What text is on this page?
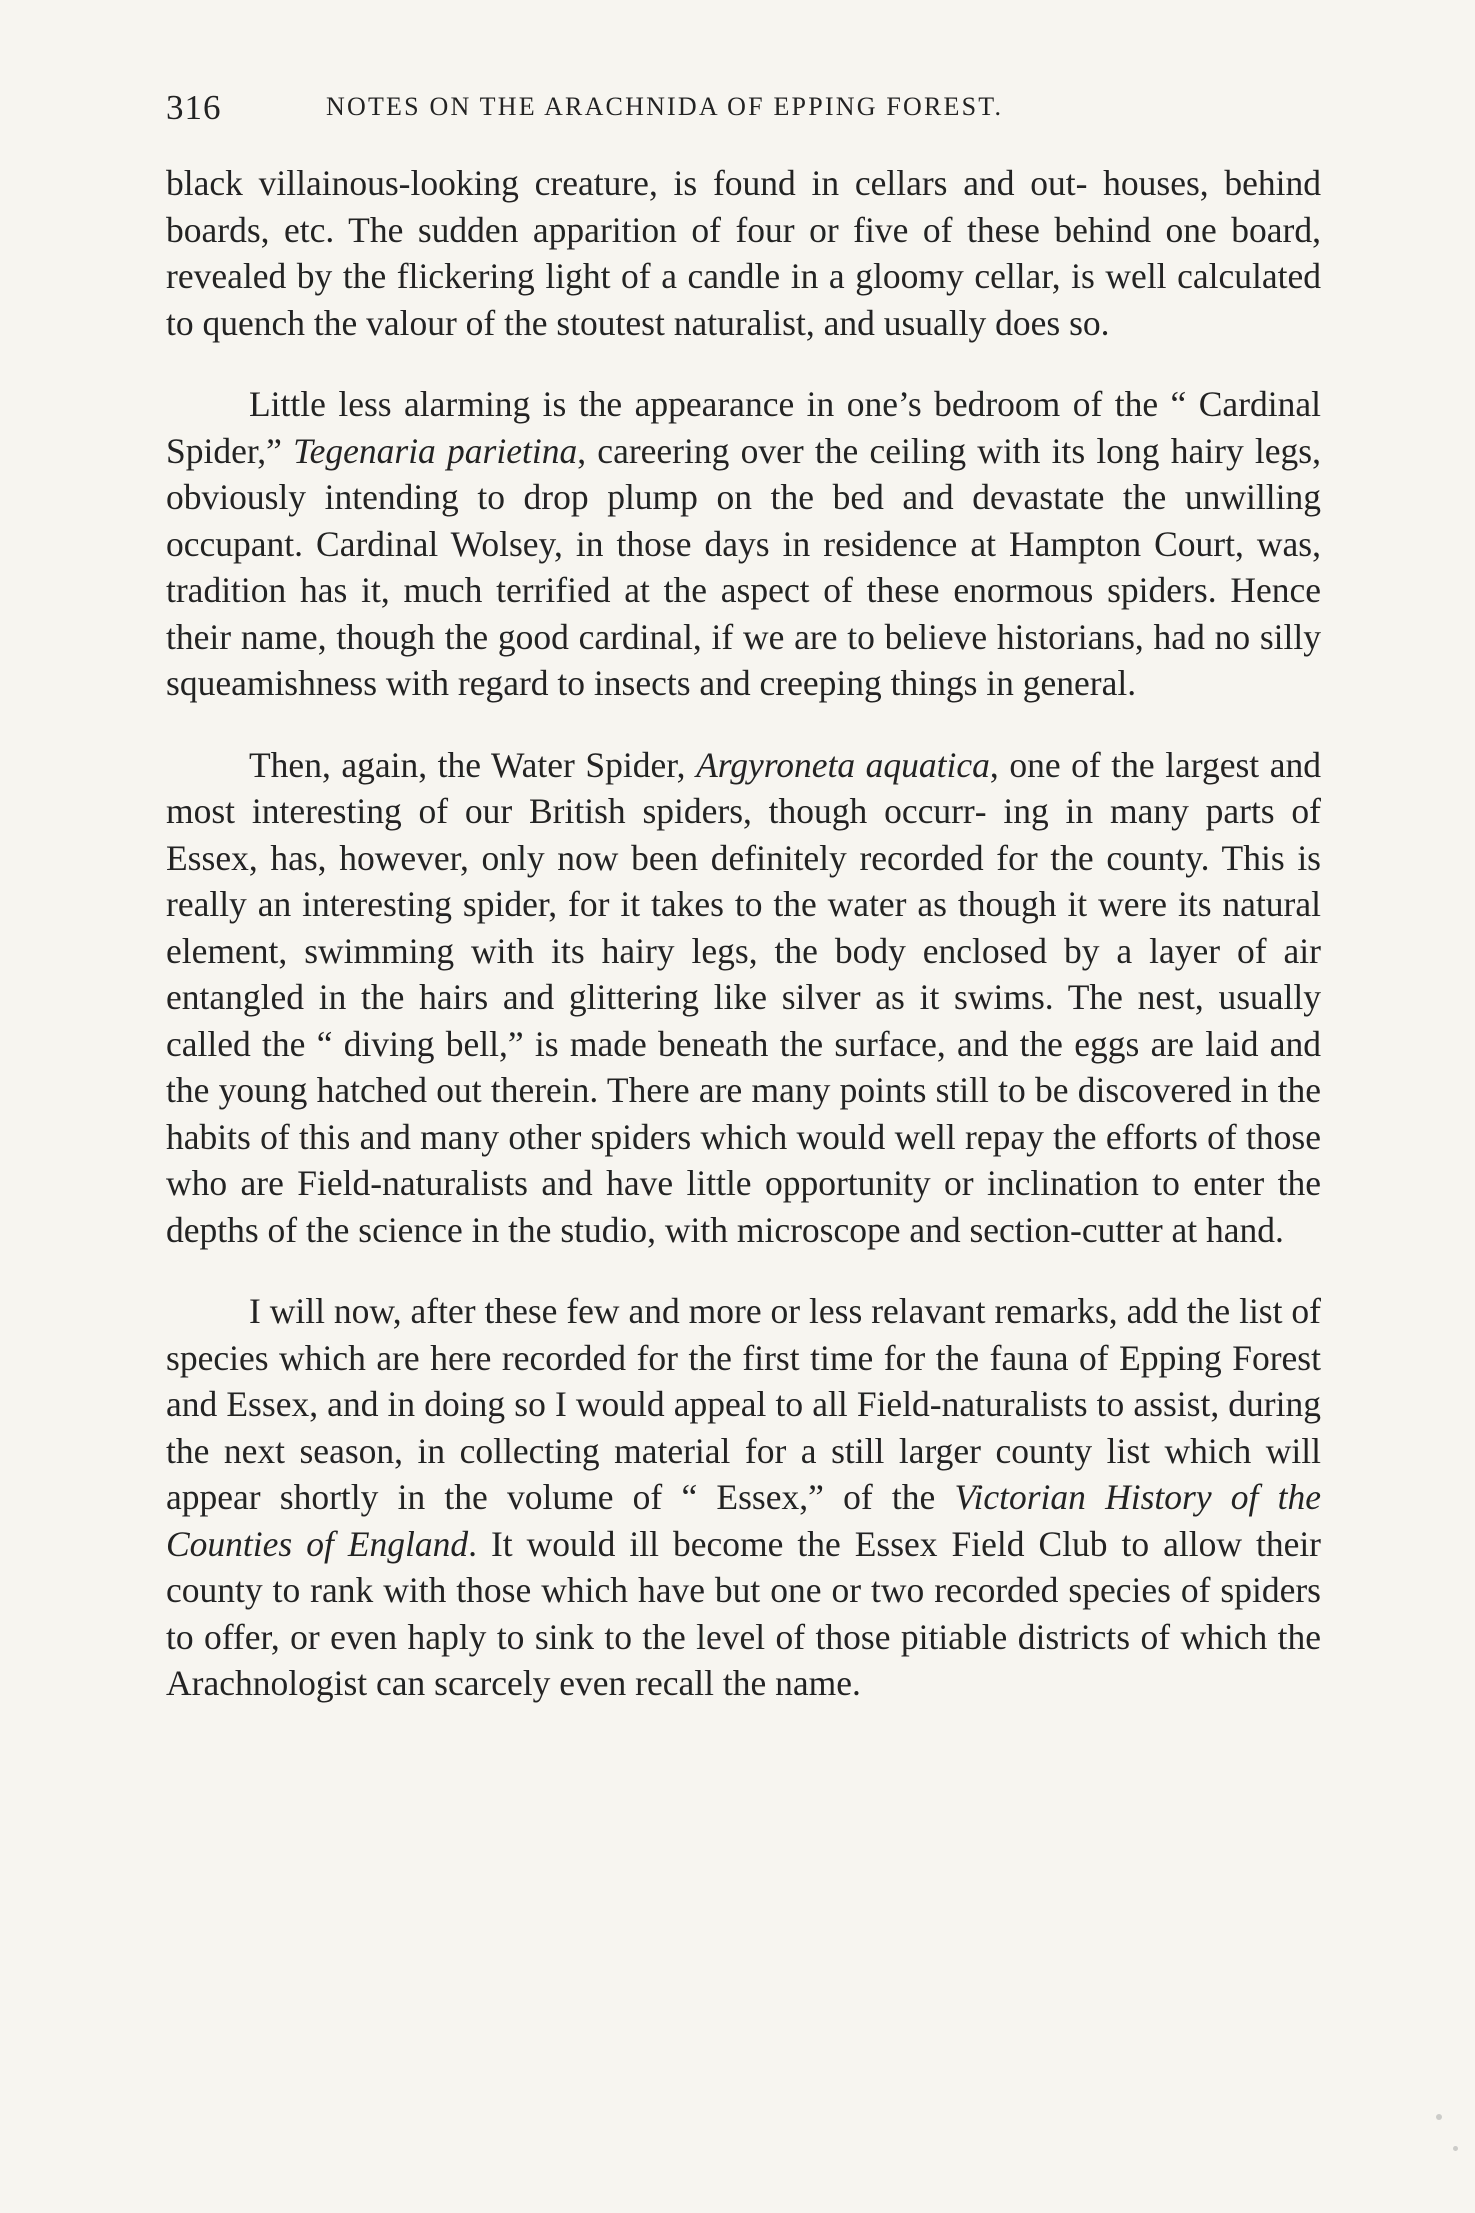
316	NOTES ON THE ARACHNIDA OF EPPING FOREST.

black villainous-looking creature, is found in cellars and out‐ houses, behind boards, etc. The sudden apparition of four or five of these behind one board, revealed by the flickering light of a candle in a gloomy cellar, is well calculated to quench the valour of the stoutest naturalist, and usually does so.

Little less alarming is the appearance in one’s bedroom of the “ Cardinal Spider,” Tegenaria parietina, careering over the ceiling with its long hairy legs, obviously intending to drop plump on the bed and devastate the unwilling occupant. Cardinal Wolsey, in those days in residence at Hampton Court, was, tradition has it, much terrified at the aspect of these enormous spiders. Hence their name, though the good cardinal, if we are to believe historians, had no silly squeamishness with regard to insects and creeping things in general.

Then, again, the Water Spider, Argyroneta aquatica, one of the largest and most interesting of our British spiders, though occurr‐ ing in many parts of Essex, has, however, only now been definitely recorded for the county. This is really an interesting spider, for it takes to the water as though it were its natural element, swimming with its hairy legs, the body enclosed by a layer of air entangled in the hairs and glittering like silver as it swims. The nest, usually called the “ diving bell,” is made beneath the surface, and the eggs are laid and the young hatched out therein. There are many points still to be discovered in the habits of this and many other spiders which would well repay the efforts of those who are Field-naturalists and have little opportunity or inclination to enter the depths of the science in the studio, with microscope and section-cutter at hand.

I will now, after these few and more or less relavant remarks, add the list of species which are here recorded for the first time for the fauna of Epping Forest and Essex, and in doing so I would appeal to all Field-naturalists to assist, during the next season, in collecting material for a still larger county list which will appear shortly in the volume of “ Essex,” of the Victorian History of the Counties of England. It would ill become the Essex Field Club to allow their county to rank with those which have but one or two recorded species of spiders to offer, or even haply to sink to the level of those pitiable districts of which the Arachnologist can scarcely even recall the name.
